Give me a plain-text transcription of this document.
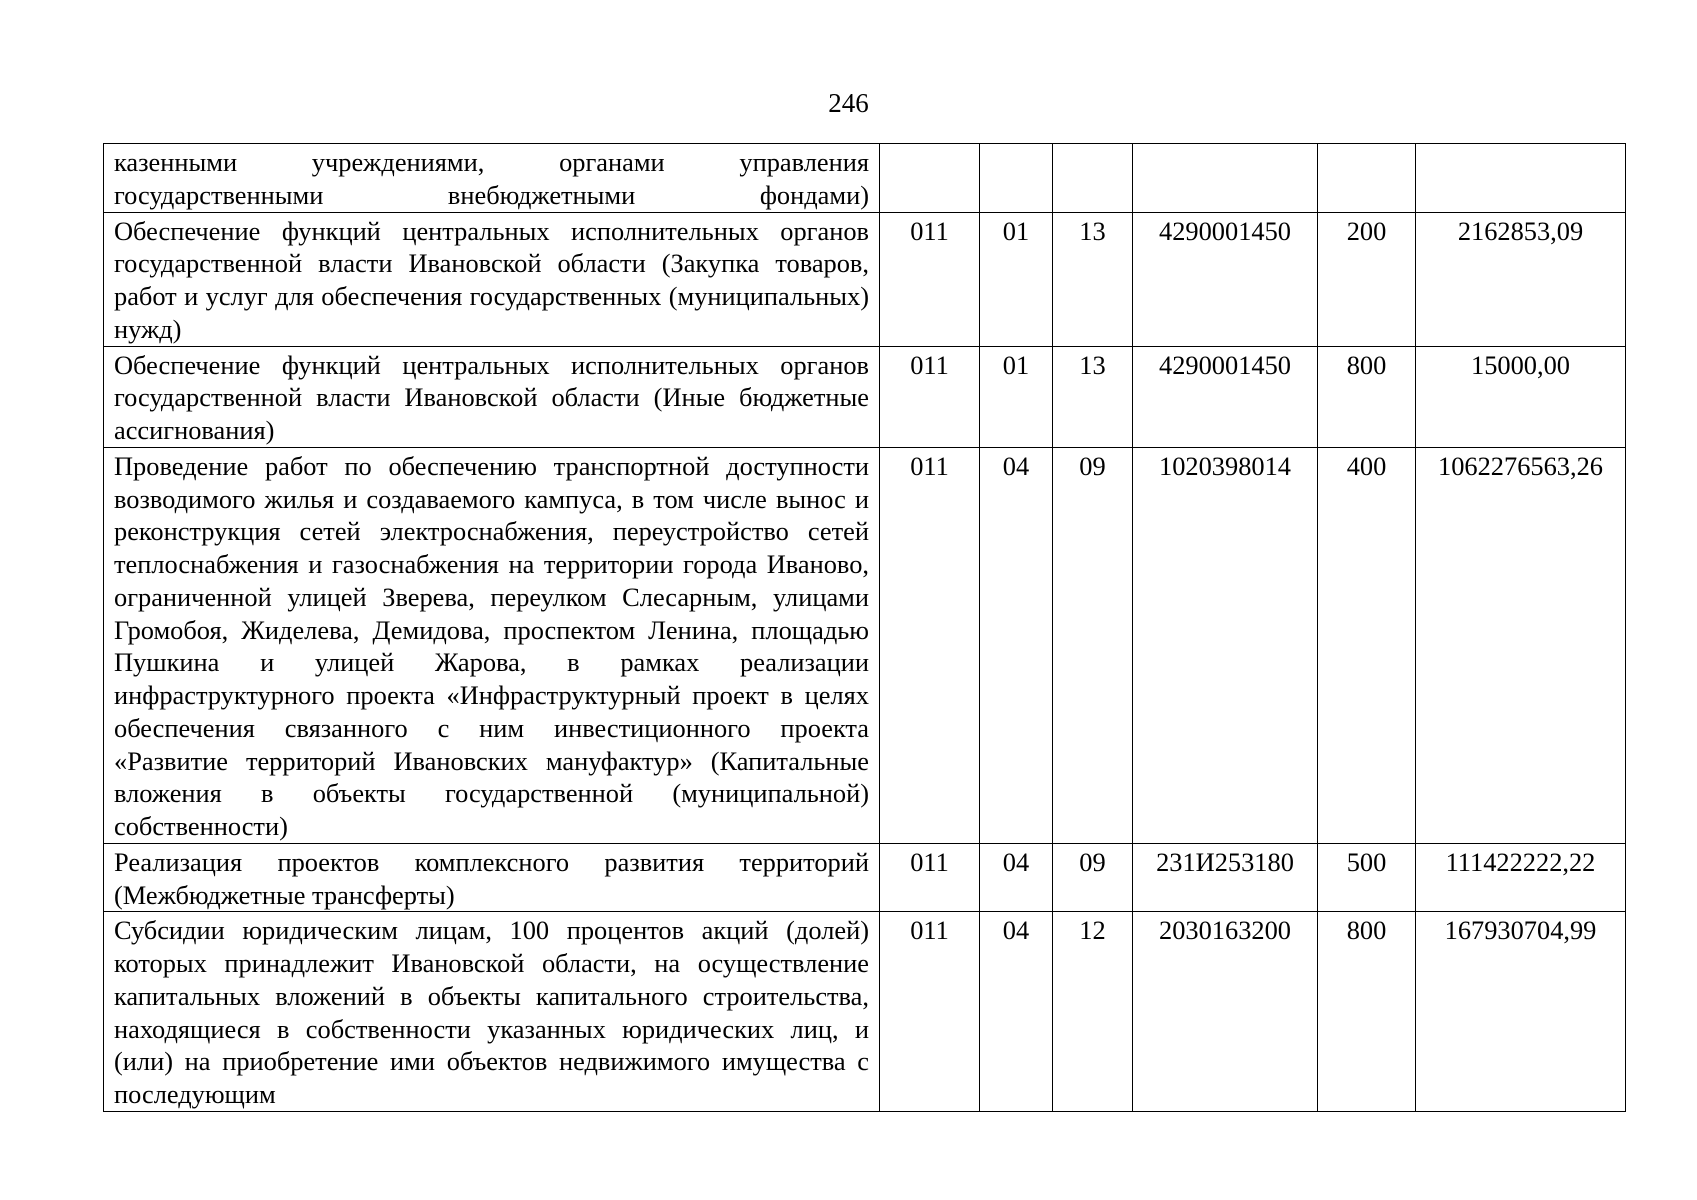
246
казенными учреждениями, органами управления государственными внебюджетными фондами)						
Обеспечение функций центральных исполнительных органов государственной власти Ивановской области (Закупка товаров, работ и услуг для обеспечения государственных (муниципальных) нужд)	011	01	13	4290001450	200	2162853,09
Обеспечение функций центральных исполнительных органов государственной власти Ивановской области (Иные бюджетные ассигнования)	011	01	13	4290001450	800	15000,00
Проведение работ по обеспечению транспортной доступности возводимого жилья и создаваемого кампуса, в том числе вынос и реконструкция сетей электроснабжения, переустройство сетей теплоснабжения и газоснабжения на территории города Иваново, ограниченной улицей Зверева, переулком Слесарным, улицами Громобоя, Жиделева, Демидова, проспектом Ленина, площадью Пушкина и улицей Жарова, в рамках реализации инфраструктурного проекта «Инфраструктурный проект в целях обеспечения связанного с ним инвестиционного проекта «Развитие территорий Ивановских мануфактур» (Капитальные вложения в объекты государственной (муниципальной) собственности)	011	04	09	1020398014	400	1062276563,26
Реализация проектов комплексного развития территорий (Межбюджетные трансферты)	011	04	09	231И253180	500	111422222,22
Субсидии юридическим лицам, 100 процентов акций (долей) которых принадлежит Ивановской области, на осуществление капитальных вложений в объекты капитального строительства, находящиеся в собственности указанных юридических лиц, и (или) на приобретение ими объектов недвижимого имущества с последующим	011	04	12	2030163200	800	167930704,99
